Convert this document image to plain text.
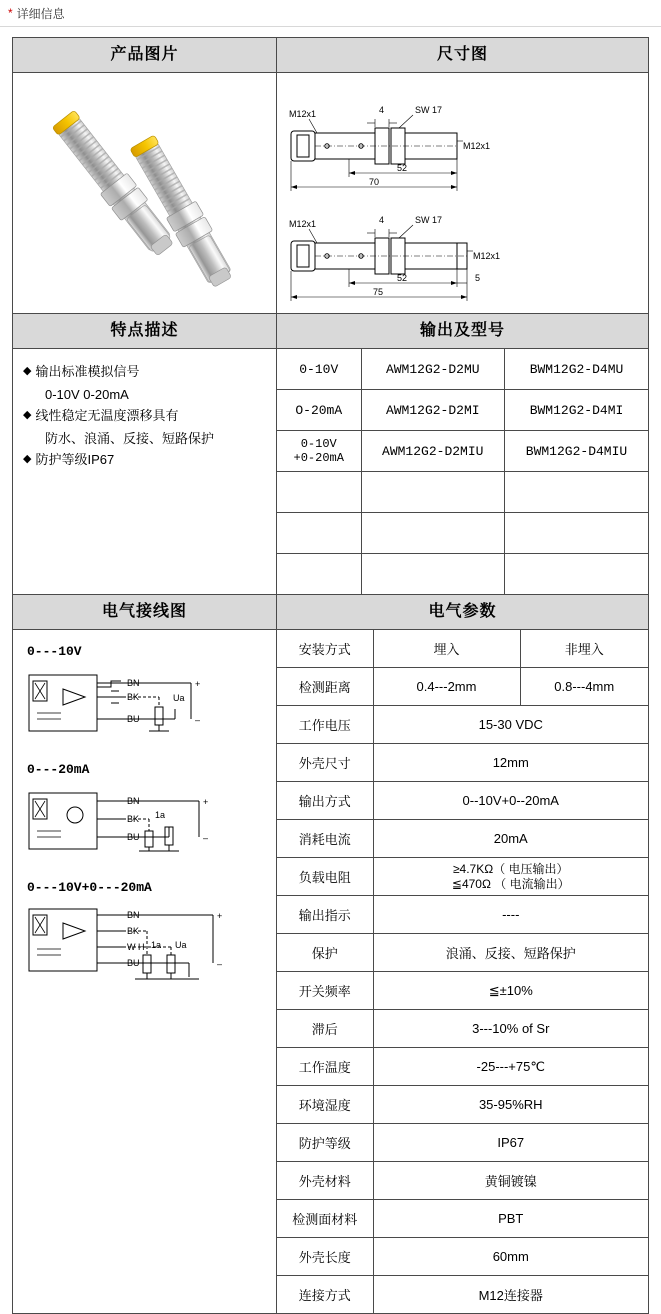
* 详细信息
产品图片	尺寸图

M12x1	4	SW 17
M12x1
52
70
M12x1	4	SW 17
M12x1
52	5
75

特点描述	输出及型号

◆ 输出标准模拟信号
0-10V 0-20mA
◆ 线性稳定无温度漂移具有
防水、浪涌、反接、短路保护
◆ 防护等级IP67

0-10V	AWM12G2-D2MU	BWM12G2-D4MU

O-20mA	AWM12G2-D2MI	BWM12G2-D4MI

0-10V
+0-20mA	AWM12G2-D2MIU	BWM12G2-D4MIU

电气接线图	电气参数

0---10V
BN
BK
BU
Ua
+
–
0---20mA
BN
BK
BU
1a
+
–
0---10V+0---20mA
BN
BK
W H
BU
1a Ua
+
–

安装方式	埋入	非埋入
检测距离	0.4---2mm	0.8---4mm
工作电压	15-30 VDC
外壳尺寸	12mm
输出方式	0--10V+0--20mA
消耗电流	20mA
负载电阻	
≥4.7KΩ（ 电压输出）
≦470Ω （ 电流输出）

输出指示	----
保护	浪涌、反接、短路保护
开关频率	≦±10%
滞后	3---10% of Sr
工作温度	-25---+75℃
环境湿度	35-95%RH
防护等级	IP67
外壳材料	黄铜镀镍
检测面材料	PBT
外壳长度	60mm
连接方式	M12连接器
